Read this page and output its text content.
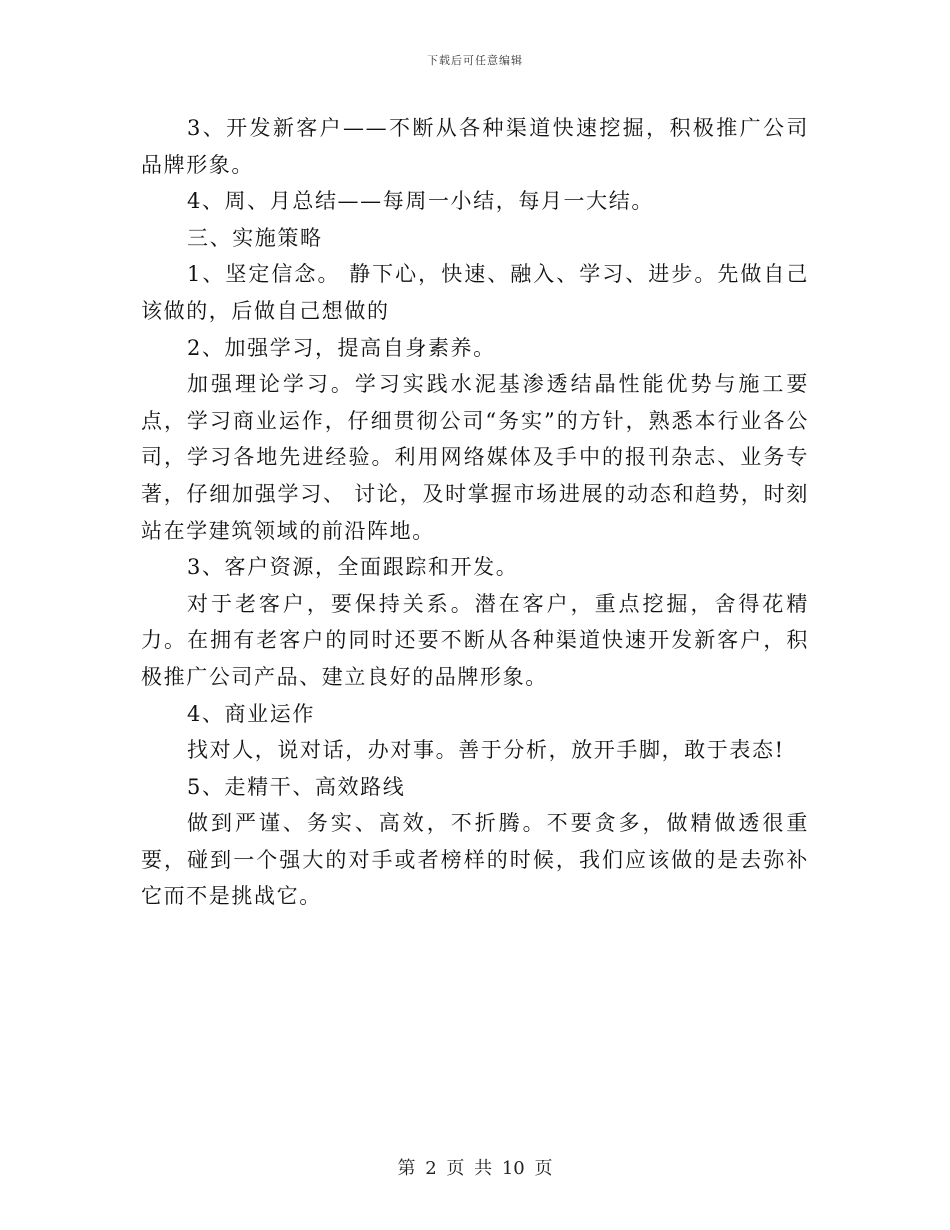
下载后可任意编辑

3、开发新客户——不断从各种渠道快速挖掘，积极推广公司品牌形象。

4、周、月总结——每周一小结，每月一大结。

三、实施策略

1、坚定信念。 静下心，快速、融入、学习、进步。先做自己该做的，后做自己想做的

2、加强学习，提高自身素养。

加强理论学习。学习实践水泥基渗透结晶性能优势与施工要点，学习商业运作，仔细贯彻公司“务实”的方针，熟悉本行业各公司，学习各地先进经验。利用网络媒体及手中的报刊杂志、业务专著，仔细加强学习、 讨论，及时掌握市场进展的动态和趋势，时刻站在学建筑领域的前沿阵地。

3、客户资源，全面跟踪和开发。

对于老客户，要保持关系。潜在客户，重点挖掘，舍得花精力。在拥有老客户的同时还要不断从各种渠道快速开发新客户，积极推广公司产品、建立良好的品牌形象。

4、商业运作

找对人，说对话，办对事。善于分析，放开手脚，敢于表态!

5、走精干、高效路线

做到严谨、务实、高效，不折腾。不要贪多，做精做透很重要，碰到一个强大的对手或者榜样的时候，我们应该做的是去弥补它而不是挑战它。

第 2 页 共 10 页
